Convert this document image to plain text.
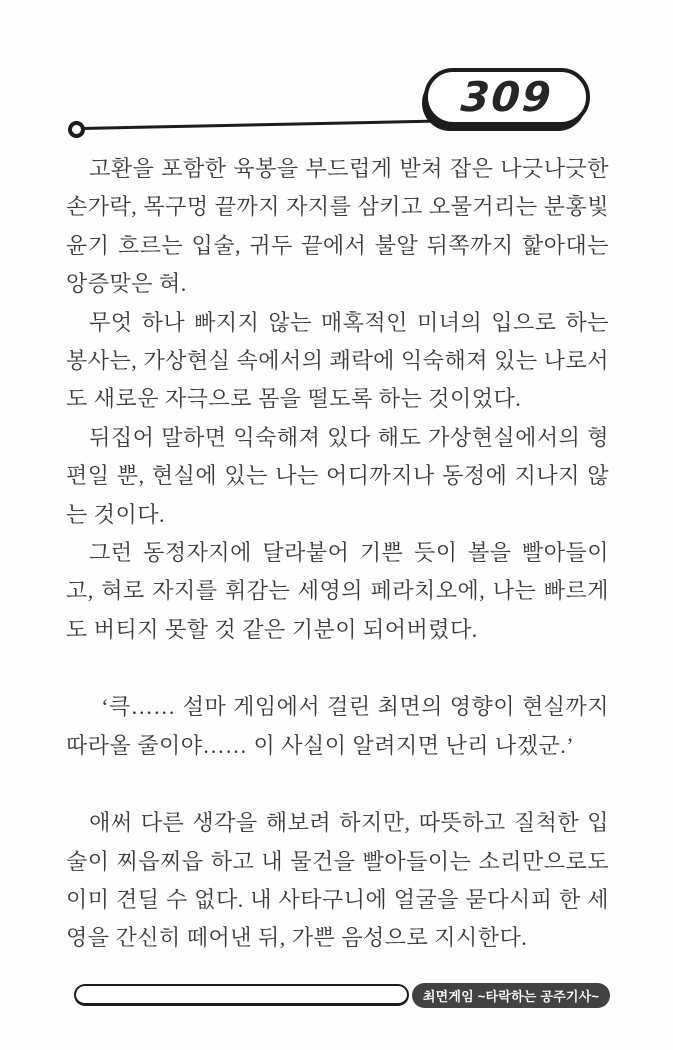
309

고환을 포함한 육봉을 부드럽게 받쳐 잡은 나긋나긋한 손가락, 목구멍 끝까지 자지를 삼키고 오물거리는 분홍빛 윤기 흐르는 입술, 귀두 끝에서 불알 뒤쪽까지 핥아대는 앙증맞은 혀.

무엇 하나 빠지지 않는 매혹적인 미녀의 입으로 하는 봉사는, 가상현실 속에서의 쾌락에 익숙해져 있는 나로서도 새로운 자극으로 몸을 떨도록 하는 것이었다.

뒤집어 말하면 익숙해져 있다 해도 가상현실에서의 형편일 뿐, 현실에 있는 나는 어디까지나 동정에 지나지 않는 것이다.

그런 동정자지에 달라붙어 기쁜 듯이 볼을 빨아들이고, 혀로 자지를 휘감는 세영의 페라치오에, 나는 빠르게도 버티지 못할 것 같은 기분이 되어버렸다.

‘큭…… 설마 게임에서 걸린 최면의 영향이 현실까지 따라올 줄이야…… 이 사실이 알려지면 난리 나겠군.’

애써 다른 생각을 해보려 하지만, 따뜻하고 질척한 입술이 찌읍찌읍 하고 내 물건을 빨아들이는 소리만으로도 이미 견딜 수 없다. 내 사타구니에 얼굴을 묻다시피 한 세영을 간신히 떼어낸 뒤, 가쁜 음성으로 지시한다.

최면게임 ~타락하는 공주기사~
